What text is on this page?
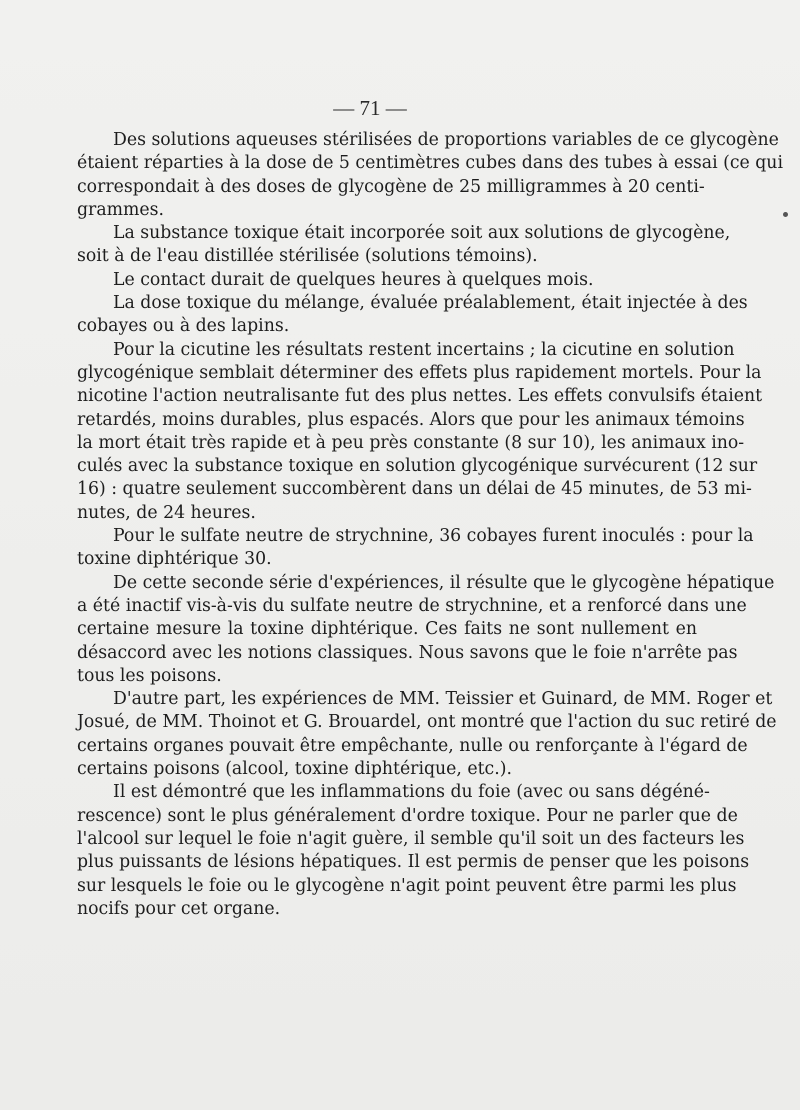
— 71 —

Des solutions aqueuses stérilisées de proportions variables de ce glycogène
étaient réparties à la dose de 5 centimètres cubes dans des tubes à essai (ce qui
correspondait à des doses de glycogène de 25 milligrammes à 20 centi-
grammes.

La substance toxique était incorporée soit aux solutions de glycogène,
soit à de l'eau distillée stérilisée (solutions témoins).

Le contact durait de quelques heures à quelques mois.

La dose toxique du mélange, évaluée préalablement, était injectée à des
cobayes ou à des lapins.

Pour la cicutine les résultats restent incertains ; la cicutine en solution
glycogénique semblait déterminer des effets plus rapidement mortels. Pour la
nicotine l'action neutralisante fut des plus nettes. Les effets convulsifs étaient
retardés, moins durables, plus espacés. Alors que pour les animaux témoins
la mort était très rapide et à peu près constante (8 sur 10), les animaux ino-
culés avec la substance toxique en solution glycogénique survécurent (12 sur
16) : quatre seulement succombèrent dans un délai de 45 minutes, de 53 mi-
nutes, de 24 heures.

Pour le sulfate neutre de strychnine, 36 cobayes furent inoculés : pour la
toxine diphtérique 30.

De cette seconde série d'expériences, il résulte que le glycogène hépatique
a été inactif vis-à-vis du sulfate neutre de strychnine, et a renforcé dans une
certaine mesure la toxine diphtérique. Ces faits ne sont nullement en
désaccord avec les notions classiques. Nous savons que le foie n'arrête pas
tous les poisons.

D'autre part, les expériences de MM. Teissier et Guinard, de MM. Roger et
Josué, de MM. Thoinot et G. Brouardel, ont montré que l'action du suc retiré de
certains organes pouvait être empêchante, nulle ou renforçante à l'égard de
certains poisons (alcool, toxine diphtérique, etc.).

Il est démontré que les inflammations du foie (avec ou sans dégéné-
rescence) sont le plus généralement d'ordre toxique. Pour ne parler que de
l'alcool sur lequel le foie n'agit guère, il semble qu'il soit un des facteurs les
plus puissants de lésions hépatiques. Il est permis de penser que les poisons
sur lesquels le foie ou le glycogène n'agit point peuvent être parmi les plus
nocifs pour cet organe.
